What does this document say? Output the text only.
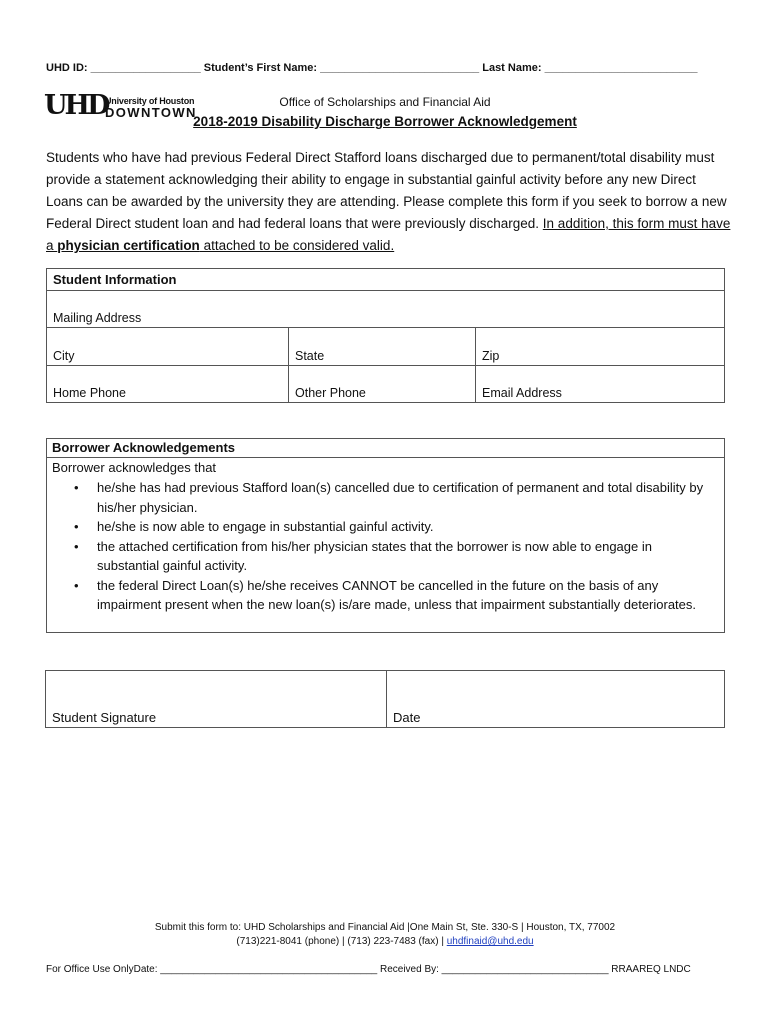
UHD ID: __________________ Student’s First Name: __________________________ Last Name: _________________________
UHD
University of Houston
DOWNTOWN
Office of Scholarships and Financial Aid
2018-2019 Disability Discharge Borrower Acknowledgement
Students who have had previous Federal Direct Stafford loans discharged due to permanent/total disability must provide a statement acknowledging their ability to engage in substantial gainful activity before any new Direct Loans can be awarded by the university they are attending. Please complete this form if you seek to borrow a new Federal Direct student loan and had federal loans that were previously discharged. In addition, this form must have a physician certification attached to be considered valid.
Student Information
Mailing Address
City	State	Zip
Home Phone	Other Phone	Email Address
Borrower Acknowledgements
Borrower acknowledges that
• he/she has had previous Stafford loan(s) cancelled due to certification of permanent and total disability by his/her physician.
• he/she is now able to engage in substantial gainful activity.
• the attached certification from his/her physician states that the borrower is now able to engage in substantial gainful activity.
• the federal Direct Loan(s) he/she receives CANNOT be cancelled in the future on the basis of any impairment present when the new loan(s) is/are made, unless that impairment substantially deteriorates.
Student Signature	Date
Submit this form to: UHD Scholarships and Financial Aid |One Main St, Ste. 330-S | Houston, TX, 77002
(713)221-8041 (phone) | (713) 223-7483 (fax) | uhdfinaid@uhd.edu
For Office Use OnlyDate: _______________________________________ Received By: ______________________________ RRAAREQ LNDC
